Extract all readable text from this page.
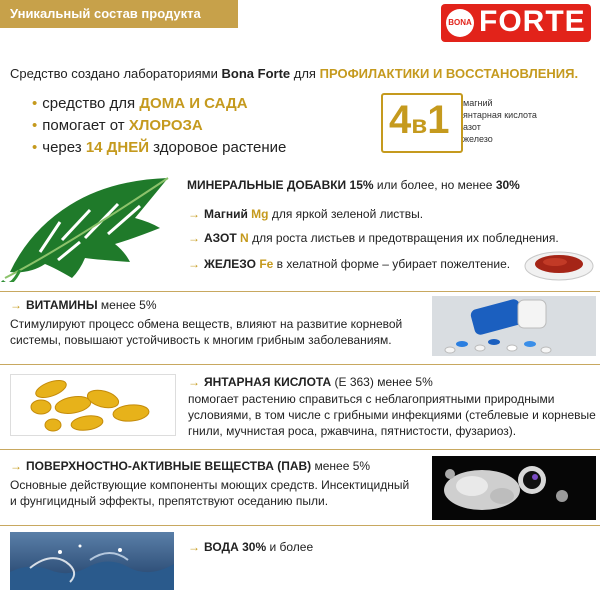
Уникальный состав продукта
BONA FORTE
Средство создано лабораториями Bona Forte для ПРОФИЛАКТИКИ И ВОССТАНОВЛЕНИЯ.
• средство для ДОМА И САДА
• помогает от ХЛОРОЗА
• через 14 ДНЕЙ здоровое растение
4в1 магний
янтарная кислота
азот
железо
МИНЕРАЛЬНЫЕ ДОБАВКИ 15% или более, но менее 30%
→ Магний Mg для яркой зеленой листвы.
→ АЗОТ N для роста листьев и предотвращения их побледнения.
→ ЖЕЛЕЗО Fe в хелатной форме – убирает пожелтение.
→ ВИТАМИНЫ менее 5%
Стимулируют процесс обмена веществ, влияют на развитие корневой системы, повышают устойчивость к многим грибным заболеваниям.
→ ЯНТАРНАЯ КИСЛОТА (Е 363) менее 5%
помогает растению справиться с неблагоприятными природными условиями, в том числе с грибными инфекциями (стеблевые и корневые гнили, мучнистая роса, ржавчина, пятнистости, фузариоз).
→ ПОВЕРХНОСТНО-АКТИВНЫЕ ВЕЩЕСТВА (ПАВ) менее 5%
Основные действующие компоненты моющих средств. Инсектицидный и фунгицидный эффекты, препятствуют оседанию пыли.
→ ВОДА 30% и более
